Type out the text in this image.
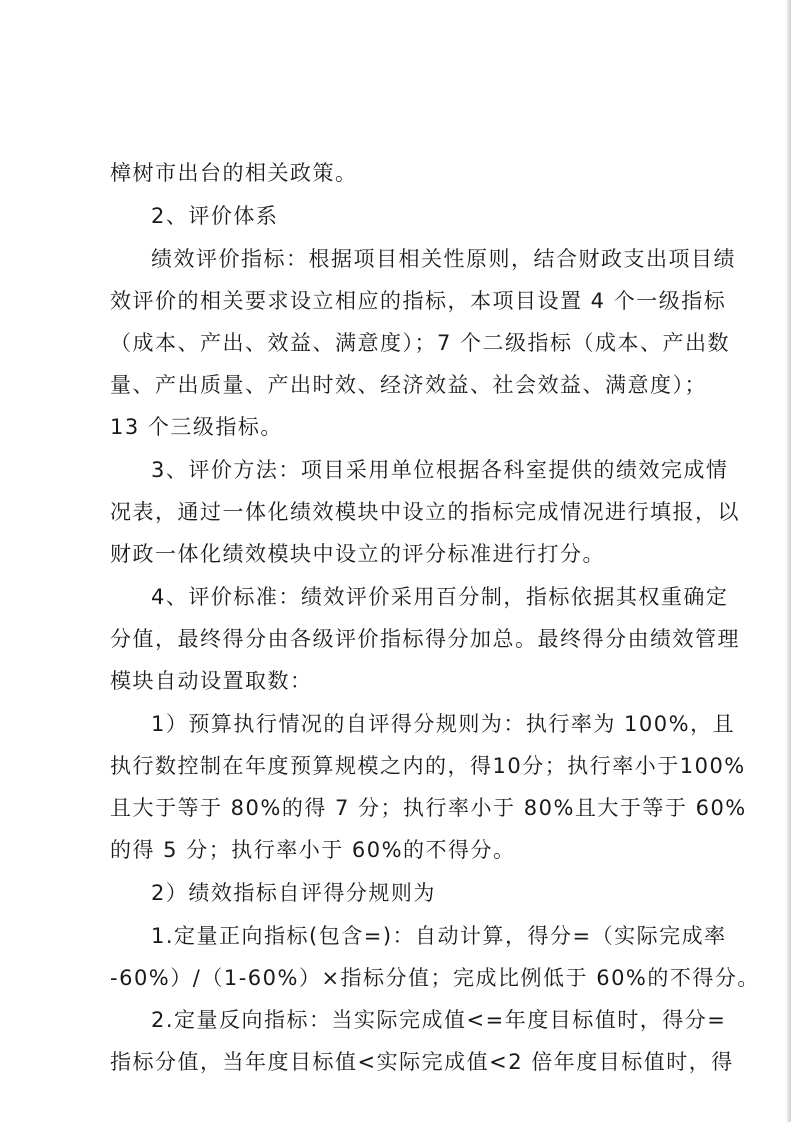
樟树市出台的相关政策。
2、评价体系
绩效评价指标：根据项目相关性原则，结合财政支出项目绩
效评价的相关要求设立相应的指标，本项目设置 4 个一级指标
（成本、产出、效益、满意度）；7 个二级指标（成本、产出数
量、产出质量、产出时效、经济效益、社会效益、满意度）；
13 个三级指标。
3、评价方法：项目采用单位根据各科室提供的绩效完成情
况表，通过一体化绩效模块中设立的指标完成情况进行填报，以
财政一体化绩效模块中设立的评分标准进行打分。
4、评价标准：绩效评价采用百分制，指标依据其权重确定
分值，最终得分由各级评价指标得分加总。最终得分由绩效管理
模块自动设置取数：
1）预算执行情况的自评得分规则为：执行率为 100%，且
执行数控制在年度预算规模之内的，得10分；执行率小于100%
且大于等于 80%的得 7 分；执行率小于 80%且大于等于 60%
的得 5 分；执行率小于 60%的不得分。
2）绩效指标自评得分规则为
1.定量正向指标(包含=)：自动计算，得分=（实际完成率
-60%）/（1-60%）×指标分值；完成比例低于 60%的不得分。
2.定量反向指标：当实际完成值<=年度目标值时，得分=
指标分值，当年度目标值<实际完成值<2 倍年度目标值时，得
